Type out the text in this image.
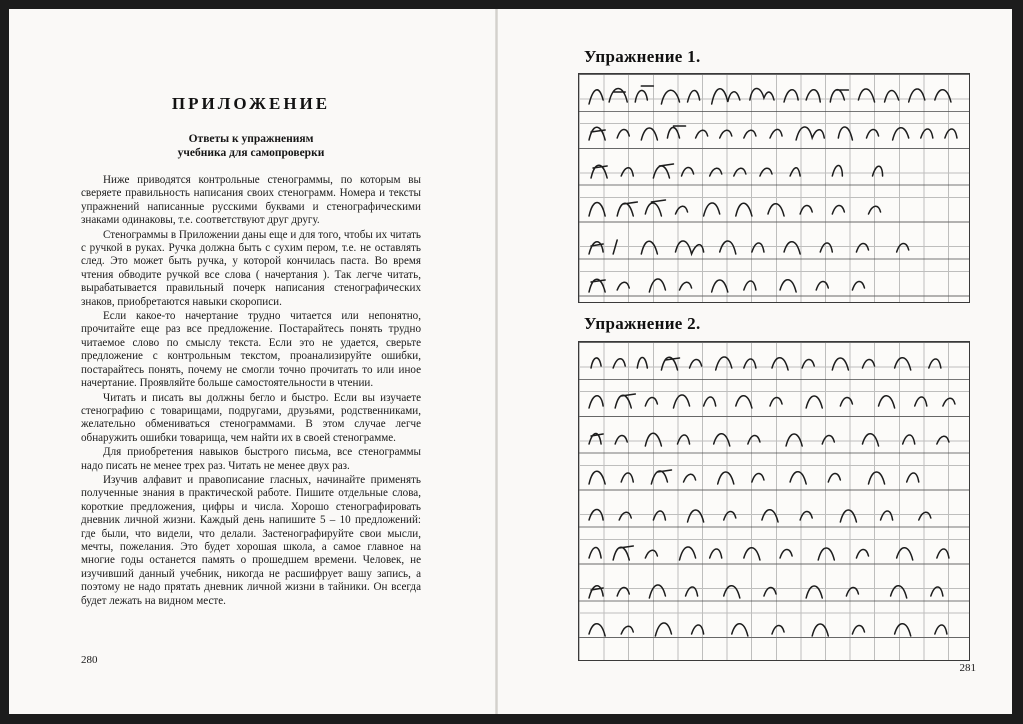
ПРИЛОЖЕНИЕ
Ответы к упражнениям
учебника для самопроверки

Ниже приводятся контрольные стенограммы, по которым вы сверяете правильность написания своих стенограмм. Номера и тексты упражнений написанные русскими буквами и стенографическими знаками одинаковы, т.е. соответствуют друг другу.

Стенограммы в Приложении даны еще и для того, чтобы их читать с ручкой в руках. Ручка должна быть с сухим пером, т.е. не оставлять след. Это может быть ручка, у которой кончилась паста. Во время чтения обводите ручкой все слова ( начертания ). Так легче читать, вырабатывается правильный почерк написания стенографических знаков, приобретаются навыки скорописи.

Если какое-то начертание трудно читается или непонятно, прочитайте еще раз все предложение. Постарайтесь понять трудно читаемое слово по смыслу текста. Если это не удается, сверьте предложение с контрольным текстом, проанализируйте ошибки, постарайтесь понять, почему не смогли точно прочитать то или иное начертание. Проявляйте больше самостоятельности в чтении.

Читать и писать вы должны бегло и быстро. Если вы изучаете стенографию с товарищами, подругами, друзьями, родственниками, желательно обмениваться стенограммами. В этом случае легче обнаружить ошибки товарища, чем найти их в своей стенограмме.

Для приобретения навыков быстрого письма, все стенограммы надо писать не менее трех раз. Читать не менее двух раз.

Изучив алфавит и правописание гласных, начинайте применять полученные знания в практической работе. Пишите отдельные слова, короткие предложения, цифры и числа. Хорошо стенографировать дневник личной жизни. Каждый день напишите 5 – 10 предложений: где были, что видели, что делали. Застенографируйте свои мысли, мечты, пожелания. Это будет хорошая школа, а самое главное на многие годы останется память о прошедшем времени. Человек, не изучивший данный учебник, никогда не расшифрует вашу запись, а поэтому не надо прятать дневник личной жизни в тайники. Он всегда будет лежать на видном месте.

280
Упражнение 1.
Упражнение 2.
281
